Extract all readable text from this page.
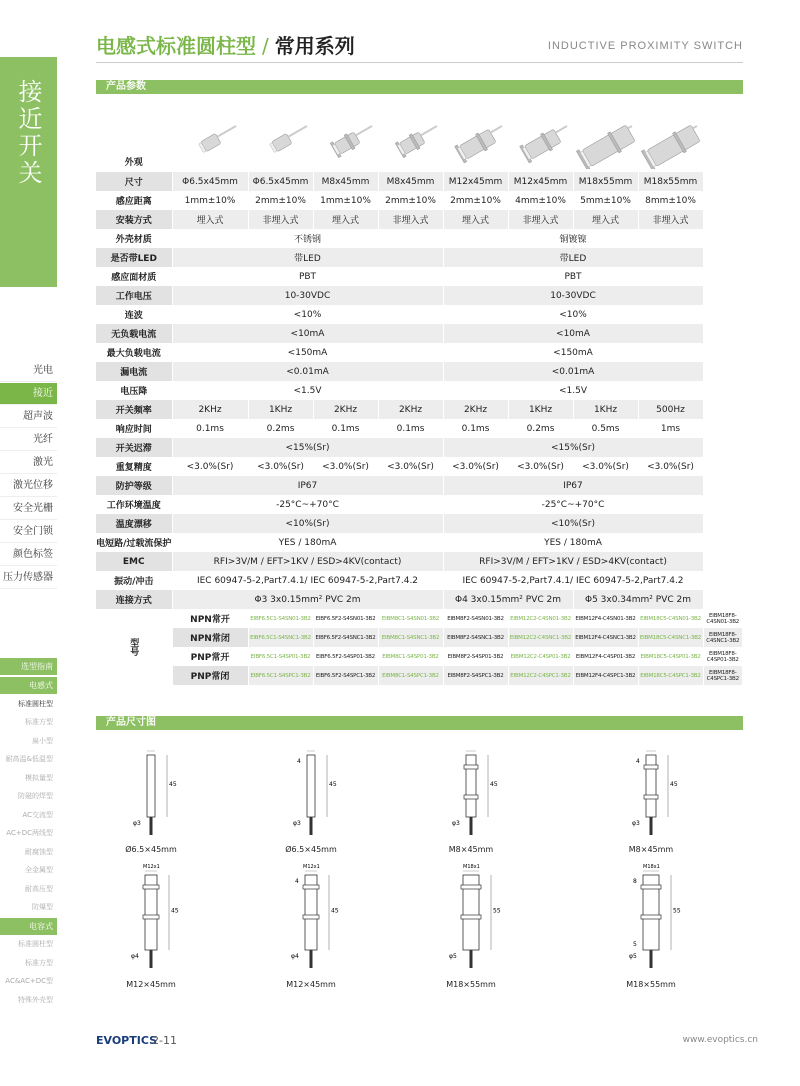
电感式标准圆柱型 / 常用系列	INDUCTIVE PROXIMITY SWITCH
接近开关
光电
接近
超声波
光纤
激光
激光位移
安全光栅
安全门锁
颜色标签
压力传感器
选型指南
电感式
标准圆柱型
标准方型
扁小型
耐高温&低温型
模拟量型
防磁的焊型
AC交流型
AC+DC两线型
耐腐蚀型
全金属型
耐高压型
防爆型
电容式
标准圆柱型
标准方型
AC&AC+DC型
特殊外壳型
产品参数
外观								
尺寸	Φ6.5x45mm	Φ6.5x45mm	M8x45mm	M8x45mm	M12x45mm	M12x45mm	M18x55mm	M18x55mm	
感应距离	1mm±10%	2mm±10%	1mm±10%	2mm±10%	2mm±10%	4mm±10%	5mm±10%	8mm±10%	
安装方式	埋入式	非埋入式	埋入式	非埋入式	埋入式	非埋入式	埋入式	非埋入式	
外壳材质	不锈钢				铜镀镍				
是否带LED	带LED				带LED				
感应面材质	PBT				PBT				
工作电压	10-30VDC				10-30VDC				
连波	<10%				<10%				
无负载电流	<10mA				<10mA				
最大负载电流	<150mA				<150mA				
漏电流	<0.01mA				<0.01mA				
电压降	<1.5V				<1.5V				
开关频率	2KHz	1KHz	2KHz	2KHz	2KHz	1KHz	1KHz	500Hz	
响应时间	0.1ms	0.2ms	0.1ms	0.1ms	0.1ms	0.2ms	0.5ms	1ms	
开关迟滞	<15%(Sr)				<15%(Sr)				
重复精度	<3.0%(Sr)	<3.0%(Sr)	<3.0%(Sr)	<3.0%(Sr)	<3.0%(Sr)	<3.0%(Sr)	<3.0%(Sr)	<3.0%(Sr)	
防护等级	IP67				IP67				
工作环境温度	-25°C~+70°C				-25°C~+70°C				
温度漂移	<10%(Sr)				<10%(Sr)				
电短路/过载流保护	YES / 180mA				YES / 180mA				
EMC	RFI>3V/M / EFT>1KV / ESD>4KV(contact)				RFI>3V/M / EFT>1KV / ESD>4KV(contact)				
振动/冲击	IEC 60947-5-2,Part7.4.1/ IEC 60947-5-2,Part7.4.2				IEC 60947-5-2,Part7.4.1/ IEC 60947-5-2,Part7.4.2				
连接方式	Φ3 3x0.15mm² PVC 2m				Φ4 3x0.15mm² PVC 2m		Φ5 3x0.34mm² PVC 2m		
型号	NPN常开	EIBF6.5C1-S4SN01-3B2	EIBF6.5F2-S4SN01-3B2	EIBM8C1-S4SN01-3B2	EIBM8F2-S4SN01-3B2	EIBM12C2-C4SN01-3B2	EIBM12F4-C4SN01-3B2	EIBM18C5-C4SN01-3B2	EIBM18F8-C4SN01-3B2
	NPN常闭	EIBF6.5C1-S4SNC1-3B2	EIBF6.5F2-S4SNC1-3B2	EIBM8C1-S4SNC1-3B2	EIBM8F2-S4SNC1-3B2	EIBM12C2-C4SNC1-3B2	EIBM12F4-C4SNC1-3B2	EIBM18C5-C4SNC1-3B2	EIBM18F8-C4SNC1-3B2
	PNP常开	EIBF6.5C1-S4SP01-3B2	EIBF6.5F2-S4SP01-3B2	EIBM8C1-S4SP01-3B2	EIBM8F2-S4SP01-3B2	EIBM12C2-C4SP01-3B2	EIBM12F4-C4SP01-3B2	EIBM18C5-C4SP01-3B2	EIBM18F8-C4SP01-3B2
	PNP常闭	EIBF6.5C1-S4SPC1-3B2	EIBF6.5F2-S4SPC1-3B2	EIBM8C1-S4SPC1-3B2	EIBM8F2-S4SPC1-3B2	EIBM12C2-C4SPC1-3B2	EIBM12F4-C4SPC1-3B2	EIBM18C5-C4SPC1-3B2	EIBM18F8-C4SPC1-3B2
产品尺寸图
45
φ3
45
φ3
4
45
φ3
45
φ3
4
45
φ4
M12x1
45
φ4
M12x1
4
55
φ5
M18x1
55
φ5
M18x1
8
5
Ø6.5×45mm	Ø6.5×45mm	M8×45mm	M8×45mm
M12×45mm	M12×45mm	M18×55mm	M18×55mm
EVOPTICS
2-11	www.evoptics.cn
